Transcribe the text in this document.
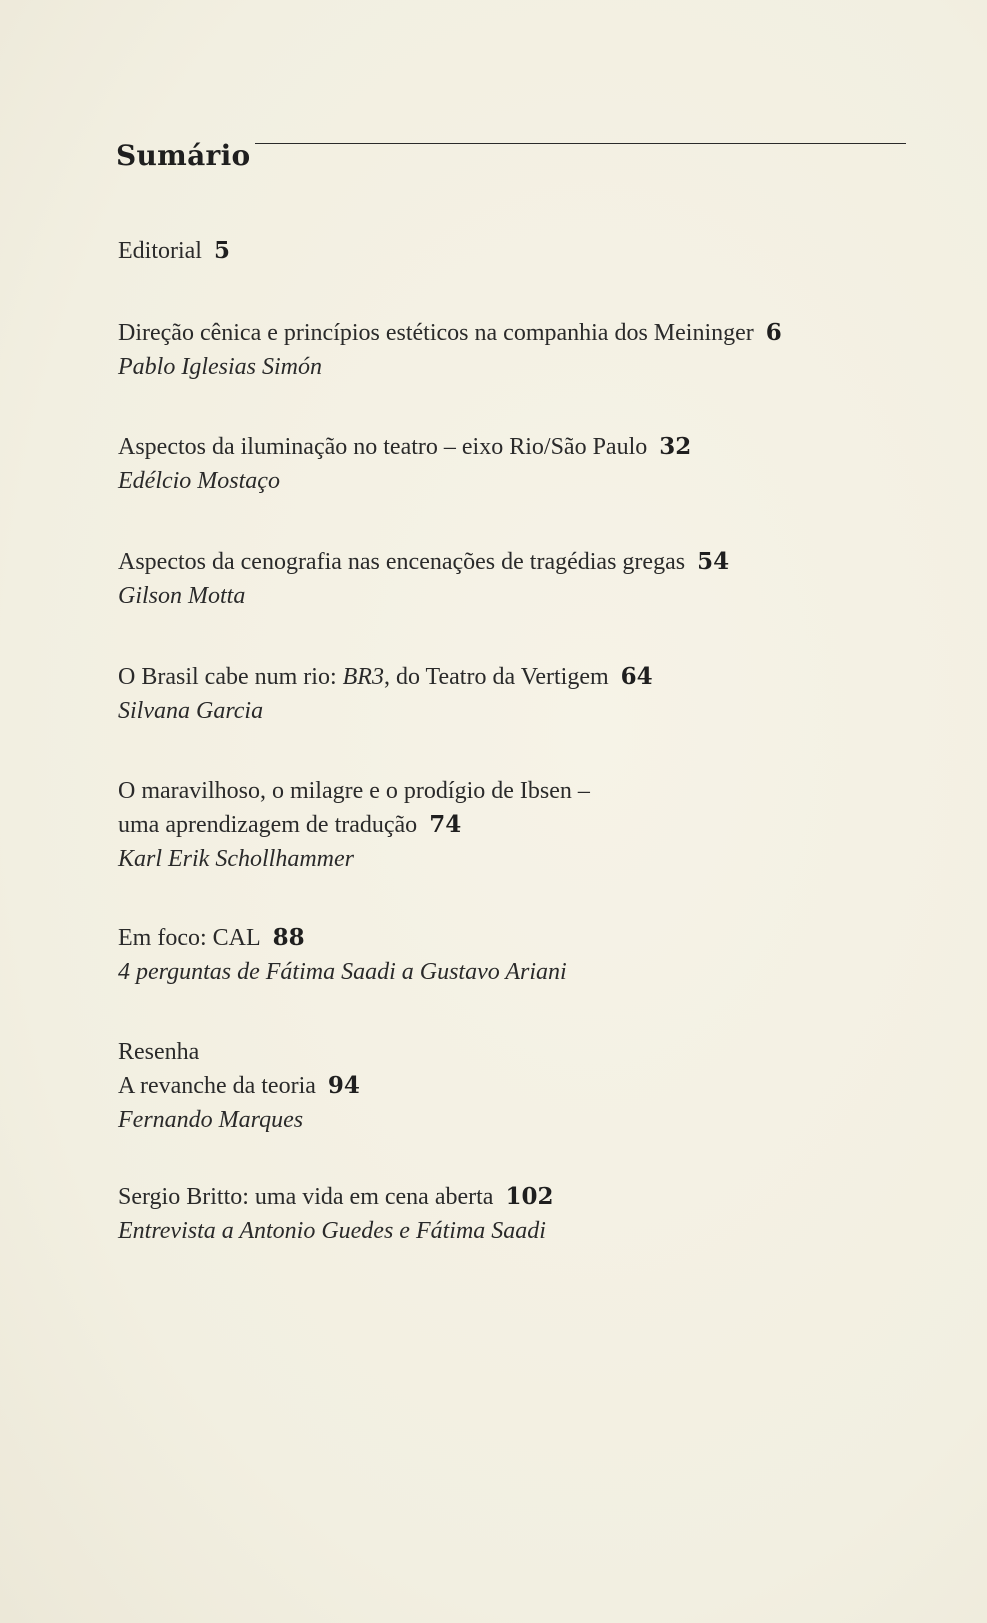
Sumário
Editorial 5
Direção cênica e princípios estéticos na companhia dos Meininger 6
Pablo Iglesias Simón
Aspectos da iluminação no teatro – eixo Rio/São Paulo 32
Edélcio Mostaço
Aspectos da cenografia nas encenações de tragédias gregas 54
Gilson Motta
O Brasil cabe num rio: BR3, do Teatro da Vertigem 64
Silvana Garcia
O maravilhoso, o milagre e o prodígio de Ibsen –
uma aprendizagem de tradução 74
Karl Erik Schollhammer
Em foco: CAL 88
4 perguntas de Fátima Saadi a Gustavo Ariani
Resenha
A revanche da teoria 94
Fernando Marques
Sergio Britto: uma vida em cena aberta 102
Entrevista a Antonio Guedes e Fátima Saadi
